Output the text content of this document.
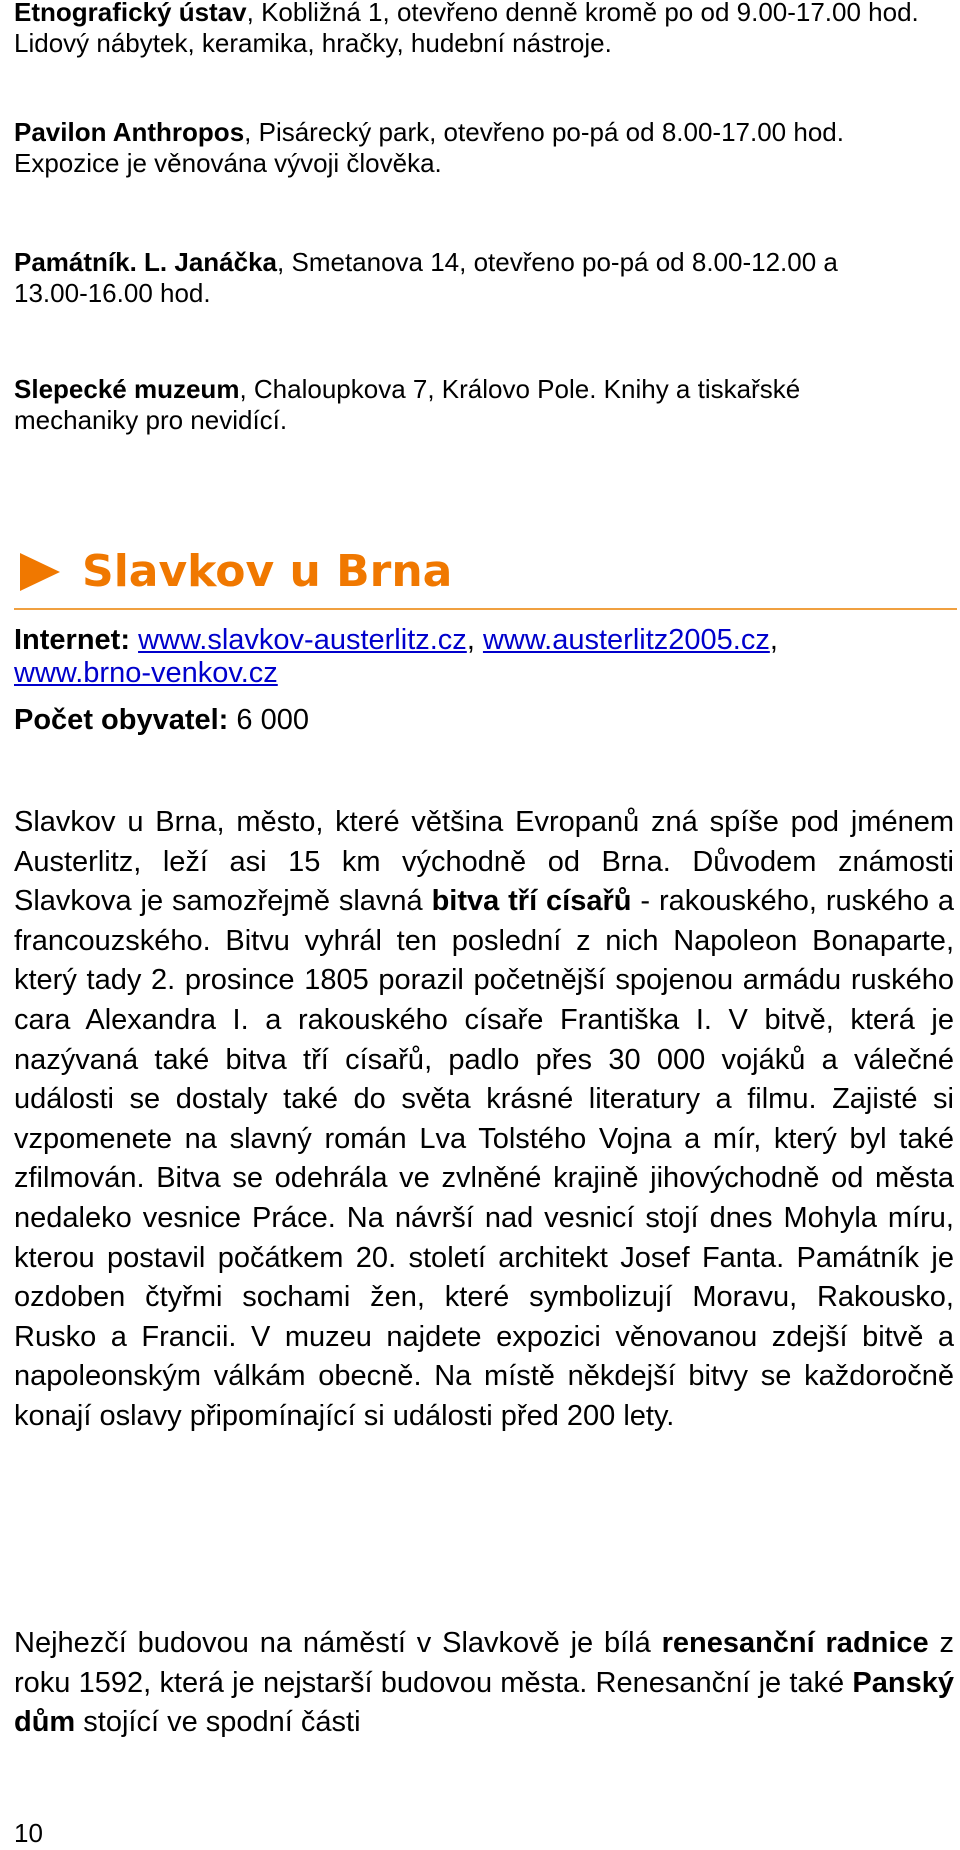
Etnografický ústav, Kobližná 1, otevřeno denně kromě po od 9.00-17.00 hod. Lidový nábytek, keramika, hračky, hudební nástroje.

Pavilon Anthropos, Pisárecký park, otevřeno po-pá od 8.00-17.00 hod. Expozice je věnována vývoji člověka.

Památník. L. Janáčka, Smetanova 14, otevřeno po-pá od 8.00-12.00 a 13.00-16.00 hod.

Slepecké muzeum, Chaloupkova 7, Královo Pole. Knihy a tiskařské mechaniky pro nevidící.

Slavkov u Brna

Internet: www.slavkov-austerlitz.cz, www.austerlitz2005.cz,
www.brno-venkov.cz

Počet obyvatel: 6 000

Slavkov u Brna, město, které většina Evropanů zná spíše pod jménem Austerlitz, leží asi 15 km východně od Brna. Důvodem známosti Slavkova je samozřejmě slavná bitva tří císařů - rakouského, ruského a francouzského. Bitvu vyhrál ten poslední z nich Napoleon Bonaparte, který tady 2. prosince 1805 porazil početnější spojenou armádu ruského cara Alexandra I. a rakouského císaře Františka I. V bitvě, která je nazývaná také bitva tří císařů, padlo přes 30 000 vojáků a válečné události se dostaly také do světa krásné literatury a filmu. Zajisté si vzpomenete na slavný román Lva Tolstého Vojna a mír, který byl také zfilmován. Bitva se odehrála ve zvlněné krajině jihovýchodně od města nedaleko vesnice Práce. Na návrší nad vesnicí stojí dnes Mohyla míru, kterou postavil počátkem 20. století architekt Josef Fanta. Památník je ozdoben čtyřmi sochami žen, které symbolizují Moravu, Rakousko, Rusko a Francii. V muzeu najdete expozici věnovanou zdejší bitvě a napoleonským válkám obecně. Na místě někdejší bitvy se každoročně konají oslavy připomínající si události před 200 lety.

Nejhezčí budovou na náměstí v Slavkově je bílá renesanční radnice z roku 1592, která je nejstarší budovou města. Renesanční je také Panský dům stojící ve spodní části

10
